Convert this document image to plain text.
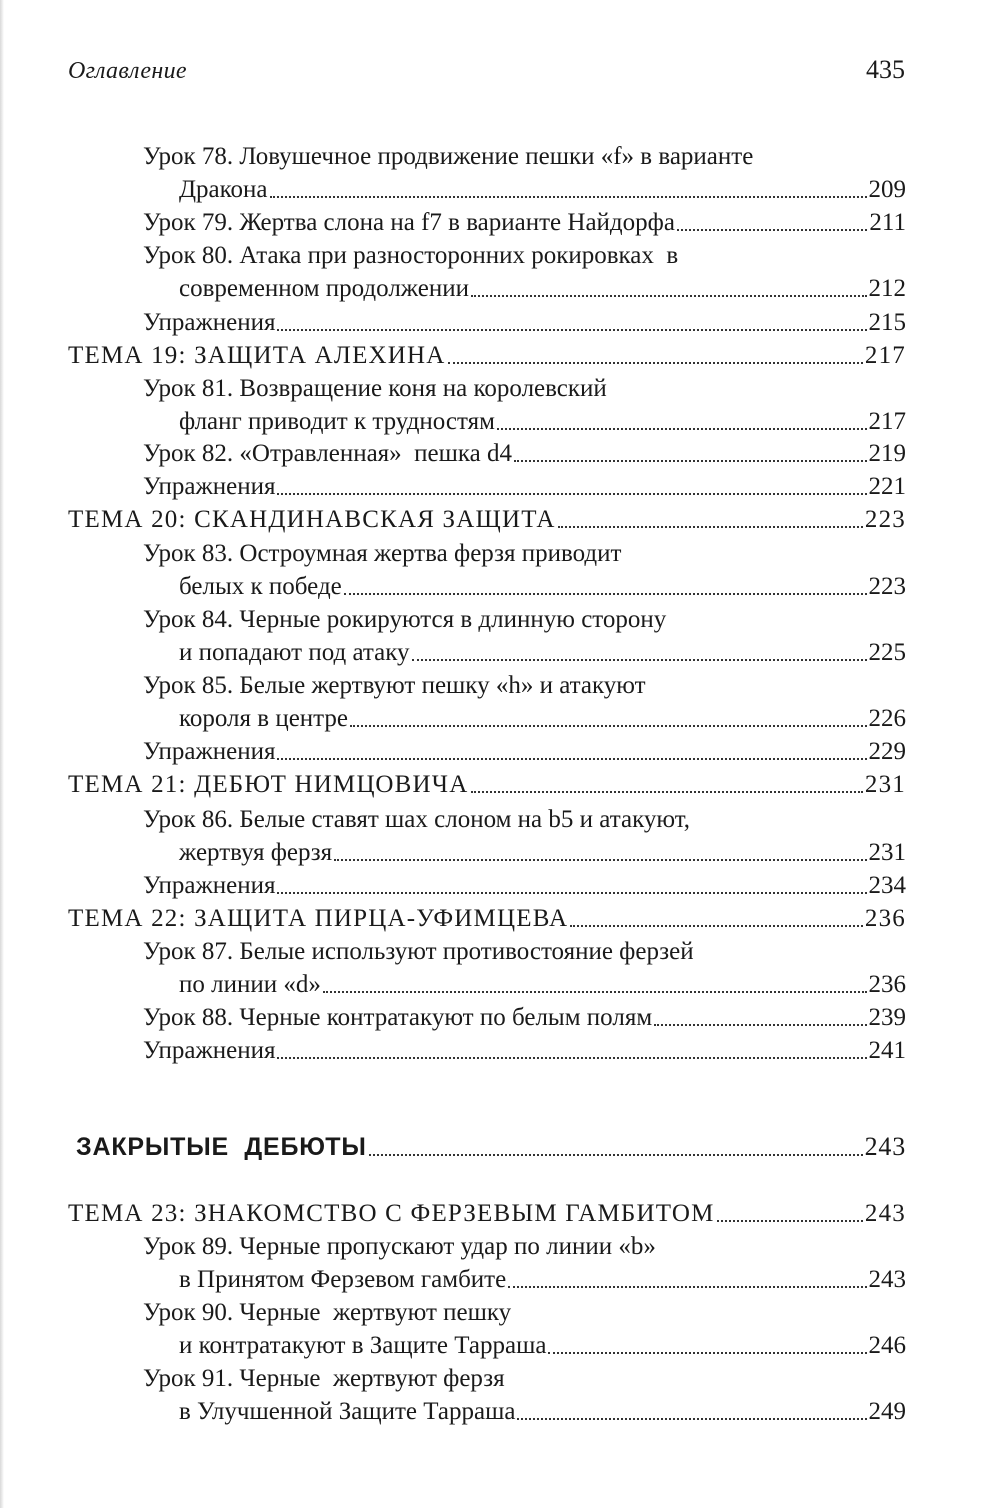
Оглавление	435
Урок 78. Ловушечное продвижение пешки «f» в варианте
Дракона	209
Урок 79. Жертва слона на f7 в варианте Найдорфа	211
Урок 80. Атака при разносторонних рокировках  в
современном продолжении	212
Упражнения	215
ТЕМА 19: ЗАЩИТА АЛЕХИНА	217
Урок 81. Возвращение коня на королевский
фланг приводит к трудностям	217
Урок 82. «Отравленная»  пешка d4	219
Упражнения	221
ТЕМА 20: СКАНДИНАВСКАЯ ЗАЩИТА	223
Урок 83. Остроумная жертва ферзя приводит
белых к победе	223
Урок 84. Черные рокируются в длинную сторону
и попадают под атаку	225
Урок 85. Белые жертвуют пешку «h» и атакуют
короля в центре	226
Упражнения	229
ТЕМА 21: ДЕБЮТ НИМЦОВИЧА	231
Урок 86. Белые ставят шах слоном на b5 и атакуют,
жертвуя ферзя	231
Упражнения	234
ТЕМА 22: ЗАЩИТА ПИРЦА-УФИМЦЕВА	236
Урок 87. Белые используют противостояние ферзей
по линии «d»	236
Урок 88. Черные контратакуют по белым полям	239
Упражнения	241
ЗАКРЫТЫЕ  ДЕБЮТЫ	243
ТЕМА 23: ЗНАКОМСТВО С ФЕРЗЕВЫМ ГАМБИТОМ	243
Урок 89. Черные пропускают удар по линии «b»
в Принятом Ферзевом гамбите	243
Урок 90. Черные  жертвуют пешку
и контратакуют в Защите Тарраша	246
Урок 91. Черные  жертвуют ферзя
в Улучшенной Защите Тарраша	249
